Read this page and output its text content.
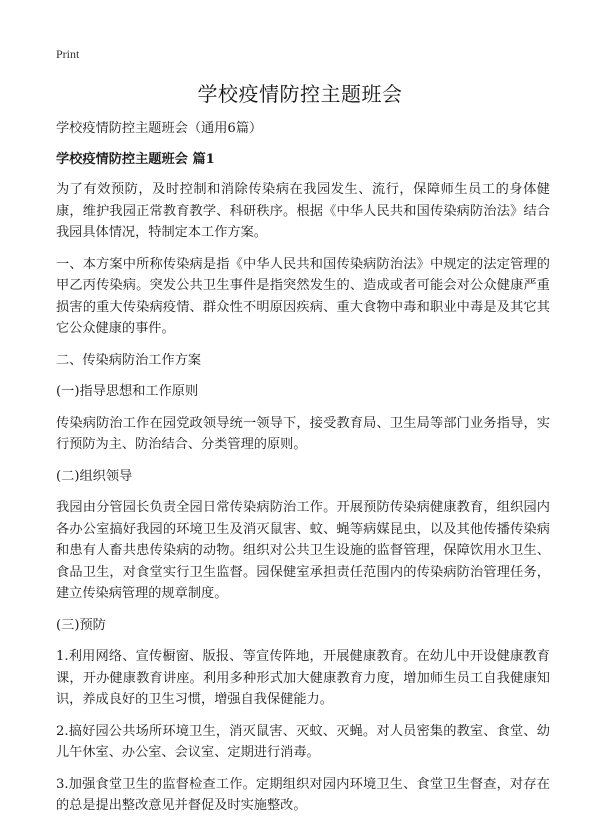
Print
学校疫情防控主题班会

学校疫情防控主题班会（通用6篇）

学校疫情防控主题班会 篇1

为了有效预防，及时控制和消除传染病在我园发生、流行，保障师生员工的身体健康，维护我园正常教育教学、科研秩序。根据《中华人民共和国传染病防治法》结合我园具体情况，特制定本工作方案。

一、本方案中所称传染病是指《中华人民共和国传染病防治法》中规定的法定管理的甲乙丙传染病。突发公共卫生事件是指突然发生的、造成或者可能会对公众健康严重损害的重大传染病疫情、群众性不明原因疾病、重大食物中毒和职业中毒是及其它其它公众健康的事件。

二、传染病防治工作方案

(一)指导思想和工作原则

传染病防治工作在园党政领导统一领导下，接受教育局、卫生局等部门业务指导，实行预防为主、防治结合、分类管理的原则。

(二)组织领导

我园由分管园长负责全园日常传染病防治工作。开展预防传染病健康教育，组织园内各办公室搞好我园的环境卫生及消灭鼠害、蚊、蝇等病媒昆虫，以及其他传播传染病和患有人畜共患传染病的动物。组织对公共卫生设施的监督管理，保障饮用水卫生、食品卫生，对食堂实行卫生监督。园保健室承担责任范围内的传染病防治管理任务，建立传染病管理的规章制度。

(三)预防

1.利用网络、宣传橱窗、版报、等宣传阵地，开展健康教育。在幼儿中开设健康教育课，开办健康教育讲座。利用多种形式加大健康教育力度，增加师生员工自我健康知识，养成良好的卫生习惯，增强自我保健能力。

2.搞好园公共场所环境卫生，消灭鼠害、灭蚊、灭蝇。对人员密集的教室、食堂、幼儿午休室、办公室、会议室、定期进行消毒。

3.加强食堂卫生的监督检查工作。定期组织对园内环境卫生、食堂卫生督查，对存在的总是提出整改意见并督促及时实施整改。
